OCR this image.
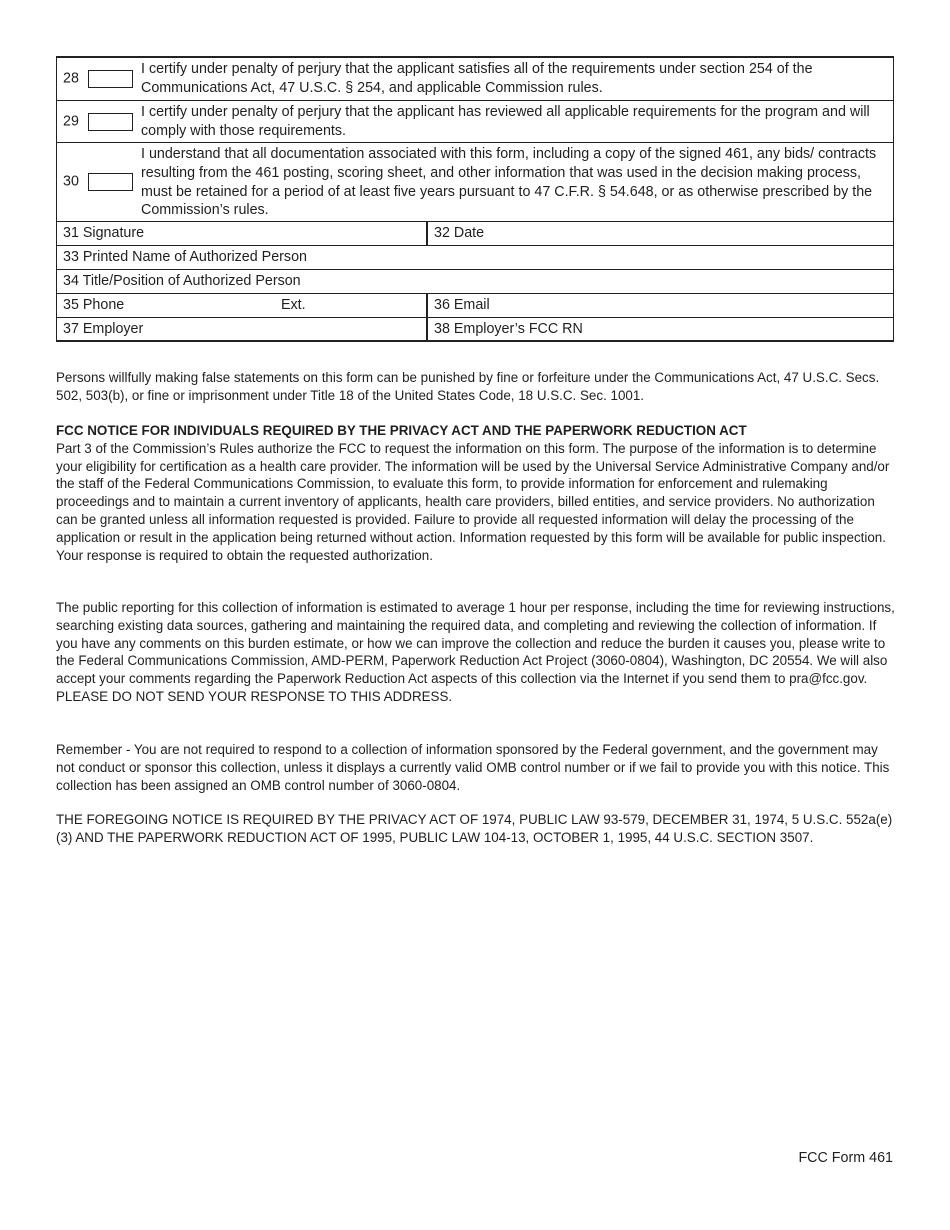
28
I certify under penalty of perjury that the applicant satisfies all of the requirements under section 254 of the Communications Act, 47 U.S.C. § 254, and applicable Commission rules.
29
I certify under penalty of perjury that the applicant has reviewed all applicable requirements for the program and will comply with those requirements.
30
I understand that all documentation associated with this form, including a copy of the signed 461, any bids/ contracts resulting from the 461 posting, scoring sheet, and other information that was used in the decision making process, must be retained for a period of at least five years pursuant to 47 C.F.R. § 54.648, or as otherwise prescribed by the Commission’s rules.
31 Signature	32 Date
33 Printed Name of Authorized Person
34 Title/Position of Authorized Person
35 Phone	Ext.	36 Email
37 Employer	38 Employer’s FCC RN

Persons willfully making false statements on this form can be punished by fine or forfeiture under the Communications Act, 47 U.S.C. Secs. 502, 503(b), or fine or imprisonment under Title 18 of the United States Code, 18 U.S.C. Sec. 1001.

FCC NOTICE FOR INDIVIDUALS REQUIRED BY THE PRIVACY ACT AND THE PAPERWORK REDUCTION ACT
Part 3 of the Commission’s Rules authorize the FCC to request the information on this form. The purpose of the information is to determine your eligibility for certification as a health care provider. The information will be used by the Universal Service Administrative Company and/or the staff of the Federal Communications Commission, to evaluate this form, to provide information for enforcement and rulemaking proceedings and to maintain a current inventory of applicants, health care providers, billed entities, and service providers. No authorization can be granted unless all information requested is provided. Failure to provide all requested information will delay the processing of the application or result in the application being returned without action. Information requested by this form will be available for public inspection. Your response is required to obtain the requested authorization.

The public reporting for this collection of information is estimated to average 1 hour per response, including the time for reviewing instructions, searching existing data sources, gathering and maintaining the required data, and completing and reviewing the collection of information. If you have any comments on this burden estimate, or how we can improve the collection and reduce the burden it causes you, please write to the Federal Communications Commission, AMD-PERM, Paperwork Reduction Act Project (3060-0804), Washington, DC 20554. We will also accept your comments regarding the Paperwork Reduction Act aspects of this collection via the Internet if you send them to pra@fcc.gov. PLEASE DO NOT SEND YOUR RESPONSE TO THIS ADDRESS.

Remember - You are not required to respond to a collection of information sponsored by the Federal government, and the government may not conduct or sponsor this collection, unless it displays a currently valid OMB control number or if we fail to provide you with this notice. This collection has been assigned an OMB control number of 3060-0804.

THE FOREGOING NOTICE IS REQUIRED BY THE PRIVACY ACT OF 1974, PUBLIC LAW 93-579, DECEMBER 31, 1974, 5 U.S.C. 552a(e)(3) AND THE PAPERWORK REDUCTION ACT OF 1995, PUBLIC LAW 104-13, OCTOBER 1, 1995, 44 U.S.C. SECTION 3507.

FCC Form 461
